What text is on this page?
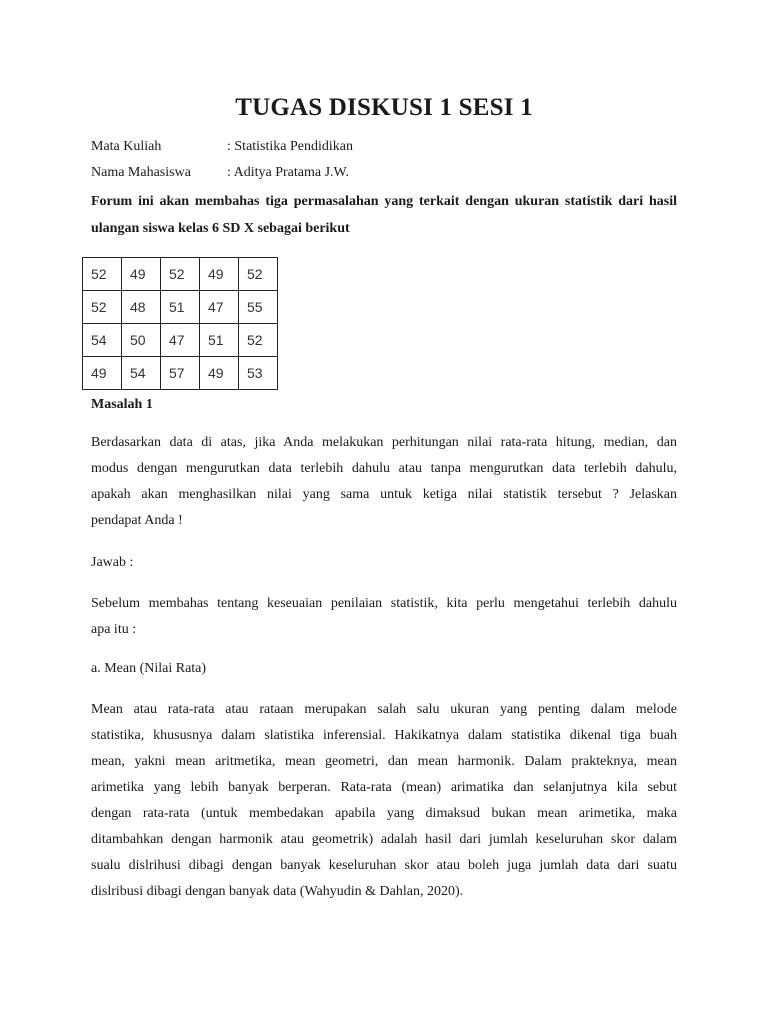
TUGAS DISKUSI 1 SESI 1
Mata Kuliah	: Statistika Pendidikan
Nama Mahasiswa	: Aditya Pratama J.W.
Forum ini akan membahas tiga permasalahan yang terkait dengan ukuran statistik dari hasil ulangan siswa kelas 6 SD X sebagai berikut
52	49	52	49	52
52	48	51	47	55
54	50	47	51	52
49	54	57	49	53
Masalah 1

Berdasarkan data di atas, jika Anda melakukan perhitungan nilai rata-rata hitung, median, dan
modus dengan mengurutkan data terlebih dahulu atau tanpa mengurutkan data terlebih dahulu,
apakah akan menghasilkan nilai yang sama untuk ketiga nilai statistik tersebut ? Jelaskan
pendapat Anda !

Jawab :

Sebelum membahas tentang keseuaian penilaian statistik, kita perlu mengetahui terlebih dahulu
apa itu :

a. Mean (Nilai Rata)

Mean atau rata-rata atau rataan merupakan salah salu ukuran yang penting dalam melode
statistika, khususnya dalam slatistika inferensial. Hakikatnya dalam statistika dikenal tiga buah
mean, yakni mean aritmetika, mean geometri, dan mean harmonik. Dalam prakteknya, mean
arimetika yang lebih banyak berperan. Rata-rata (mean) arimatika dan selanjutnya kila sebut
dengan rata-rata (untuk membedakan apabila yang dimaksud bukan mean arimetika, maka
ditambahkan dengan harmonik atau geometrik) adalah hasil dari jumlah keseluruhan skor dalam
sualu dislrihusi dibagi dengan banyak keseluruhan skor atau boleh juga jumlah data dari suatu
dislribusi dibagi dengan banyak data (Wahyudin & Dahlan, 2020).
